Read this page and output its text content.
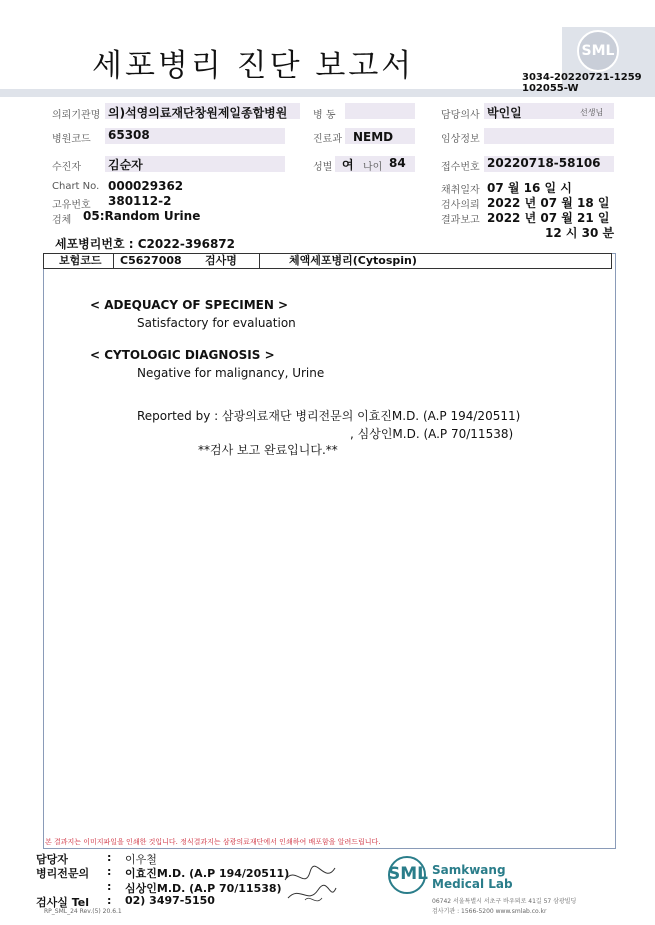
세포병리 진단 보고서	SML
3034-20220721-1259
102055-W
의뢰기관명 의)석영의료재단창원제일종합병원	병 동	담당의사 박인일	선생님
병원코드 65308	진료과 NEMD	임상정보
수진자 김순자	성별 여 나이 84	접수번호 20220718-58106
Chart No. 000029362
고유번호 380112-2
검체 05:Random Urine
채취일자 07 월 16 일 시
검사의뢰 2022 년 07 월 18 일
결과보고 2022 년 07 월 21 일
12 시 30 분
세포병리번호 : C2022-396872
보험코드 C5627008 검사명	체액세포병리(Cytospin)
< ADEQUACY OF SPECIMEN >
Satisfactory for evaluation
< CYTOLOGIC DIAGNOSIS >
Negative for malignancy, Urine
Reported by : 삼광의료재단 병리전문의 이효진M.D. (A.P 194/20511)
, 심상인M.D. (A.P 70/11538)
**검사 보고 완료입니다.**
본 결과지는 이미지파일을 인쇄한 것입니다. 정식결과지는 삼광의료재단에서 인쇄하여 배포함을 알려드립니다.
담당자	: 이우철
병리전문의 : 이효진M.D. (A.P 194/20511)
: 심상인M.D. (A.P 70/11538)
검사실 Tel : 02) 3497-5150
RP_SML_24 Rev.(5) 20.6.1
SML Samkwang
Medical Lab
06742 서울특별시 서초구 바우뫼로 41길 57 삼광빌딩
검사기관 : 1566-5200 www.smlab.co.kr
